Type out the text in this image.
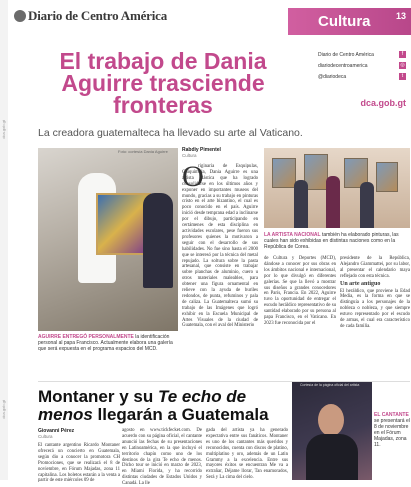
dca.gob.gt
dca.gob.gt
Diario de Centro América	Cultura	13
El trabajo de Dania Aguirre trasciende fronteras
Diario de Centro América	f
diariodecentroamerica	◎
@diariodeca	t
dca.gob.gt
La creadora guatemalteca ha llevado su arte al Vaticano.
Foto: cortesía Dania Aguirre
AGUIRRE ENTREGÓ PERSONALMENTE la identificación personal al papa Francisco. Actualmente elabora una galería que será expuesta en el programa espacios del MCD.
Rabdiy Pimentel
Cultura
riginaria de Esquipulas, Chiquimula, Dania Aguirre es una artista plástica que ha logrado consolidarse en los últimos años y exponer en importantes museos del mundo, gracias a su trabajo en pinturas cristo en el arte bizantino, el cual es poco conocido en el país. Aguirre inició desde temprana edad a inclinarse por el dibujo, participando en certámenes de esta disciplina en actividades escolares, pese fueron sus profesores quienes la motivaron a seguir con el desarrollo de sus habilidades. No fue sino hasta el 2000 que se interesó por la técnica del metal repujado. La soltura sobre la pasta artesanal, que consiste en trabajar sobre planchas de aluminio, cuero u otros materiales maleables, para obtener una figura ornamental en relieve con la ayuda de buriles redondos, de punta, refuminos y pala de caliza. La Guatemalteca sumó su trabajo de las Imágenes que logró exhibir en la Escuela Municipal de Artes Visuales de la ciudad de Guatemala, con el aval del Ministerio
O
LA ARTISTA NACIONAL también ha elaborado pinturas, las cuales han sido exhibidas en distintas naciones como en la República de Corea.
de Cultura y Deportes (MCD), dándose a conocer por sus obras en los ámbitos nacional e internacional, por lo que divulgó en diferentes galerías. Se que la llevó a mostrar sus diseños a grandes conocedores en París, Francia. En 2022, Aguirre tuvo la oportunidad de entregar el escudo heráldico representativo de su santidad elaborado por su persona al papa Francisco, en el Vaticano. En 2023 fue reconocida por el
presidente de la República, Alejandro Giammattei, por su labor, al presentar el calendario maya reflejado con esta técnica.
Un arte antiguo
El heráldico, que proviene la Edad Media, es la forma en que se distinguía a los personajes de la nobleza o nobleza, y que siempre estuvo representado por el escudo de armas, el cual era característico de cada familia.
Montaner y su Te echo de menos llegarán a Guatemala
Cortesía de la página oficial del artista
EL CANTANTE se presentará el 8 de noviembre en el Fórum Majadas, zona 11.
Giovanni Pérez
Cultura
El cantante argentino Ricardo Montaner ofrecerá un concierto en Guatemala, según dio a conocer la promotora CH Promociones, que se realizará el 8 de noviembre, en Fórum Majadas, zona 11 capitalina. Los boletos estarán a la venta a partir de este miércoles 09 de
agosto en www.tickfecket.com. De acuerdo con su página oficial, el cantante anunció las fechas de su presentaciones en Latinoamérica, en la que incluyó el territorio chapín como uno de los destinos de la gira Te echo de menos. Dicho tour se inició en marzo de 2023, en Miami Florida, y ha recorrido distintas ciudades de Estados Unidos y Canadá. La lle
gada del artista ya ha generado expectativa entre sus fanáticos. Montaner es uno de los cantantes más queridos y reconocidos, cuenta con discos de platino, multiplatino y oro, además de un Latin Grammy a la excelencia. Entre sus mayores éxitos se encuentran Me va a extrañar, Déjame llorar, Tan enamorados, Será y La cima del cielo.
